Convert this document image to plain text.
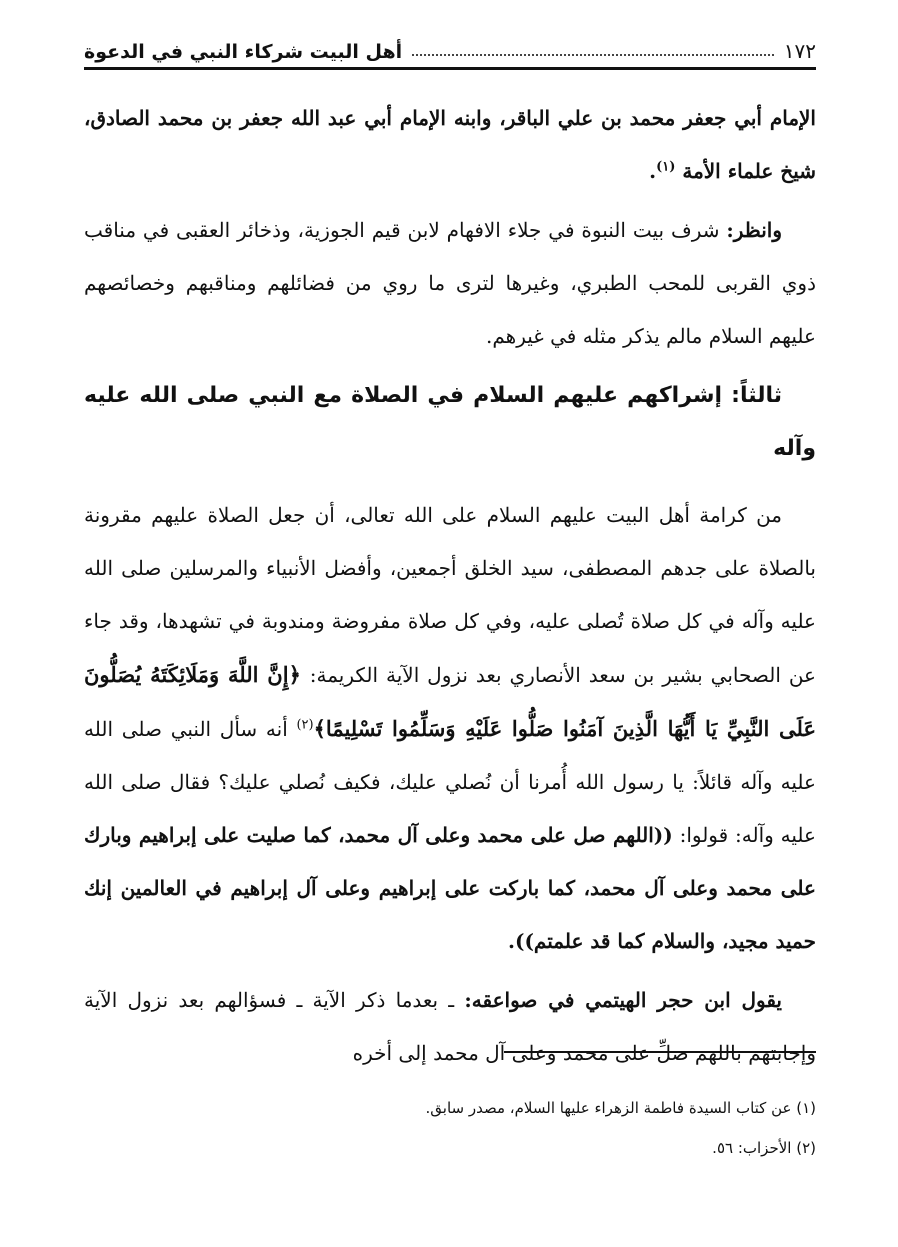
١٧٢
أهل البيت شركاء النبي في الدعوة

الإمام أبي جعفر محمد بن علي الباقر، وابنه الإمام أبي عبد الله جعفر بن محمد الصادق، شيخ علماء الأمة $^{(١)}$.

وانظر: شرف بيت النبوة في جلاء الافهام لابن قيم الجوزية، وذخائر العقبى في مناقب ذوي القربى للمحب الطبري، وغيرها لترى ما روي من فضائلهم ومناقبهم وخصائصهم عليهم السلام مالم يذكر مثله في غيرهم.

ثالثاً: إشراكهم عليهم السلام في الصلاة مع النبي صلى الله عليه وآله

من كرامة أهل البيت عليهم السلام على الله تعالى، أن جعل الصلاة عليهم مقرونة بالصلاة على جدهم المصطفى، سيد الخلق أجمعين، وأفضل الأنبياء والمرسلين صلى الله عليه وآله في كل صلاة تُصلى عليه، وفي كل صلاة مفروضة ومندوبة في تشهدها، وقد جاء عن الصحابي بشير بن سعد الأنصاري بعد نزول الآية الكريمة: ﴿إِنَّ اللَّهَ وَمَلَائِكَتَهُ يُصَلُّونَ عَلَى النَّبِيِّ يَا أَيُّهَا الَّذِينَ آمَنُوا صَلُّوا عَلَيْهِ وَسَلِّمُوا تَسْلِيمًا﴾$^{(٢)}$ أنه سأل النبي صلى الله عليه وآله قائلاً: يا رسول الله أُمرنا أن نُصلي عليك، فكيف نُصلي عليك؟ فقال صلى الله عليه وآله: قولوا: ((اللهم صل على محمد وعلى آل محمد، كما صليت على إبراهيم وبارك على محمد وعلى آل محمد، كما باركت على إبراهيم وعلى آل إبراهيم في العالمين إنك حميد مجيد، والسلام كما قد علمتم)).

يقول ابن حجر الهيتمي في صواعقه: ـ بعدما ذكر الآية ـ فسؤالهم بعد نزول الآية وإجابتهم باللهم صلِّ على محمد وعلى آل محمد إلى أخره

(١) عن كتاب السيدة فاطمة الزهراء عليها السلام، مصدر سابق.

(٢) الأحزاب: ٥٦.
